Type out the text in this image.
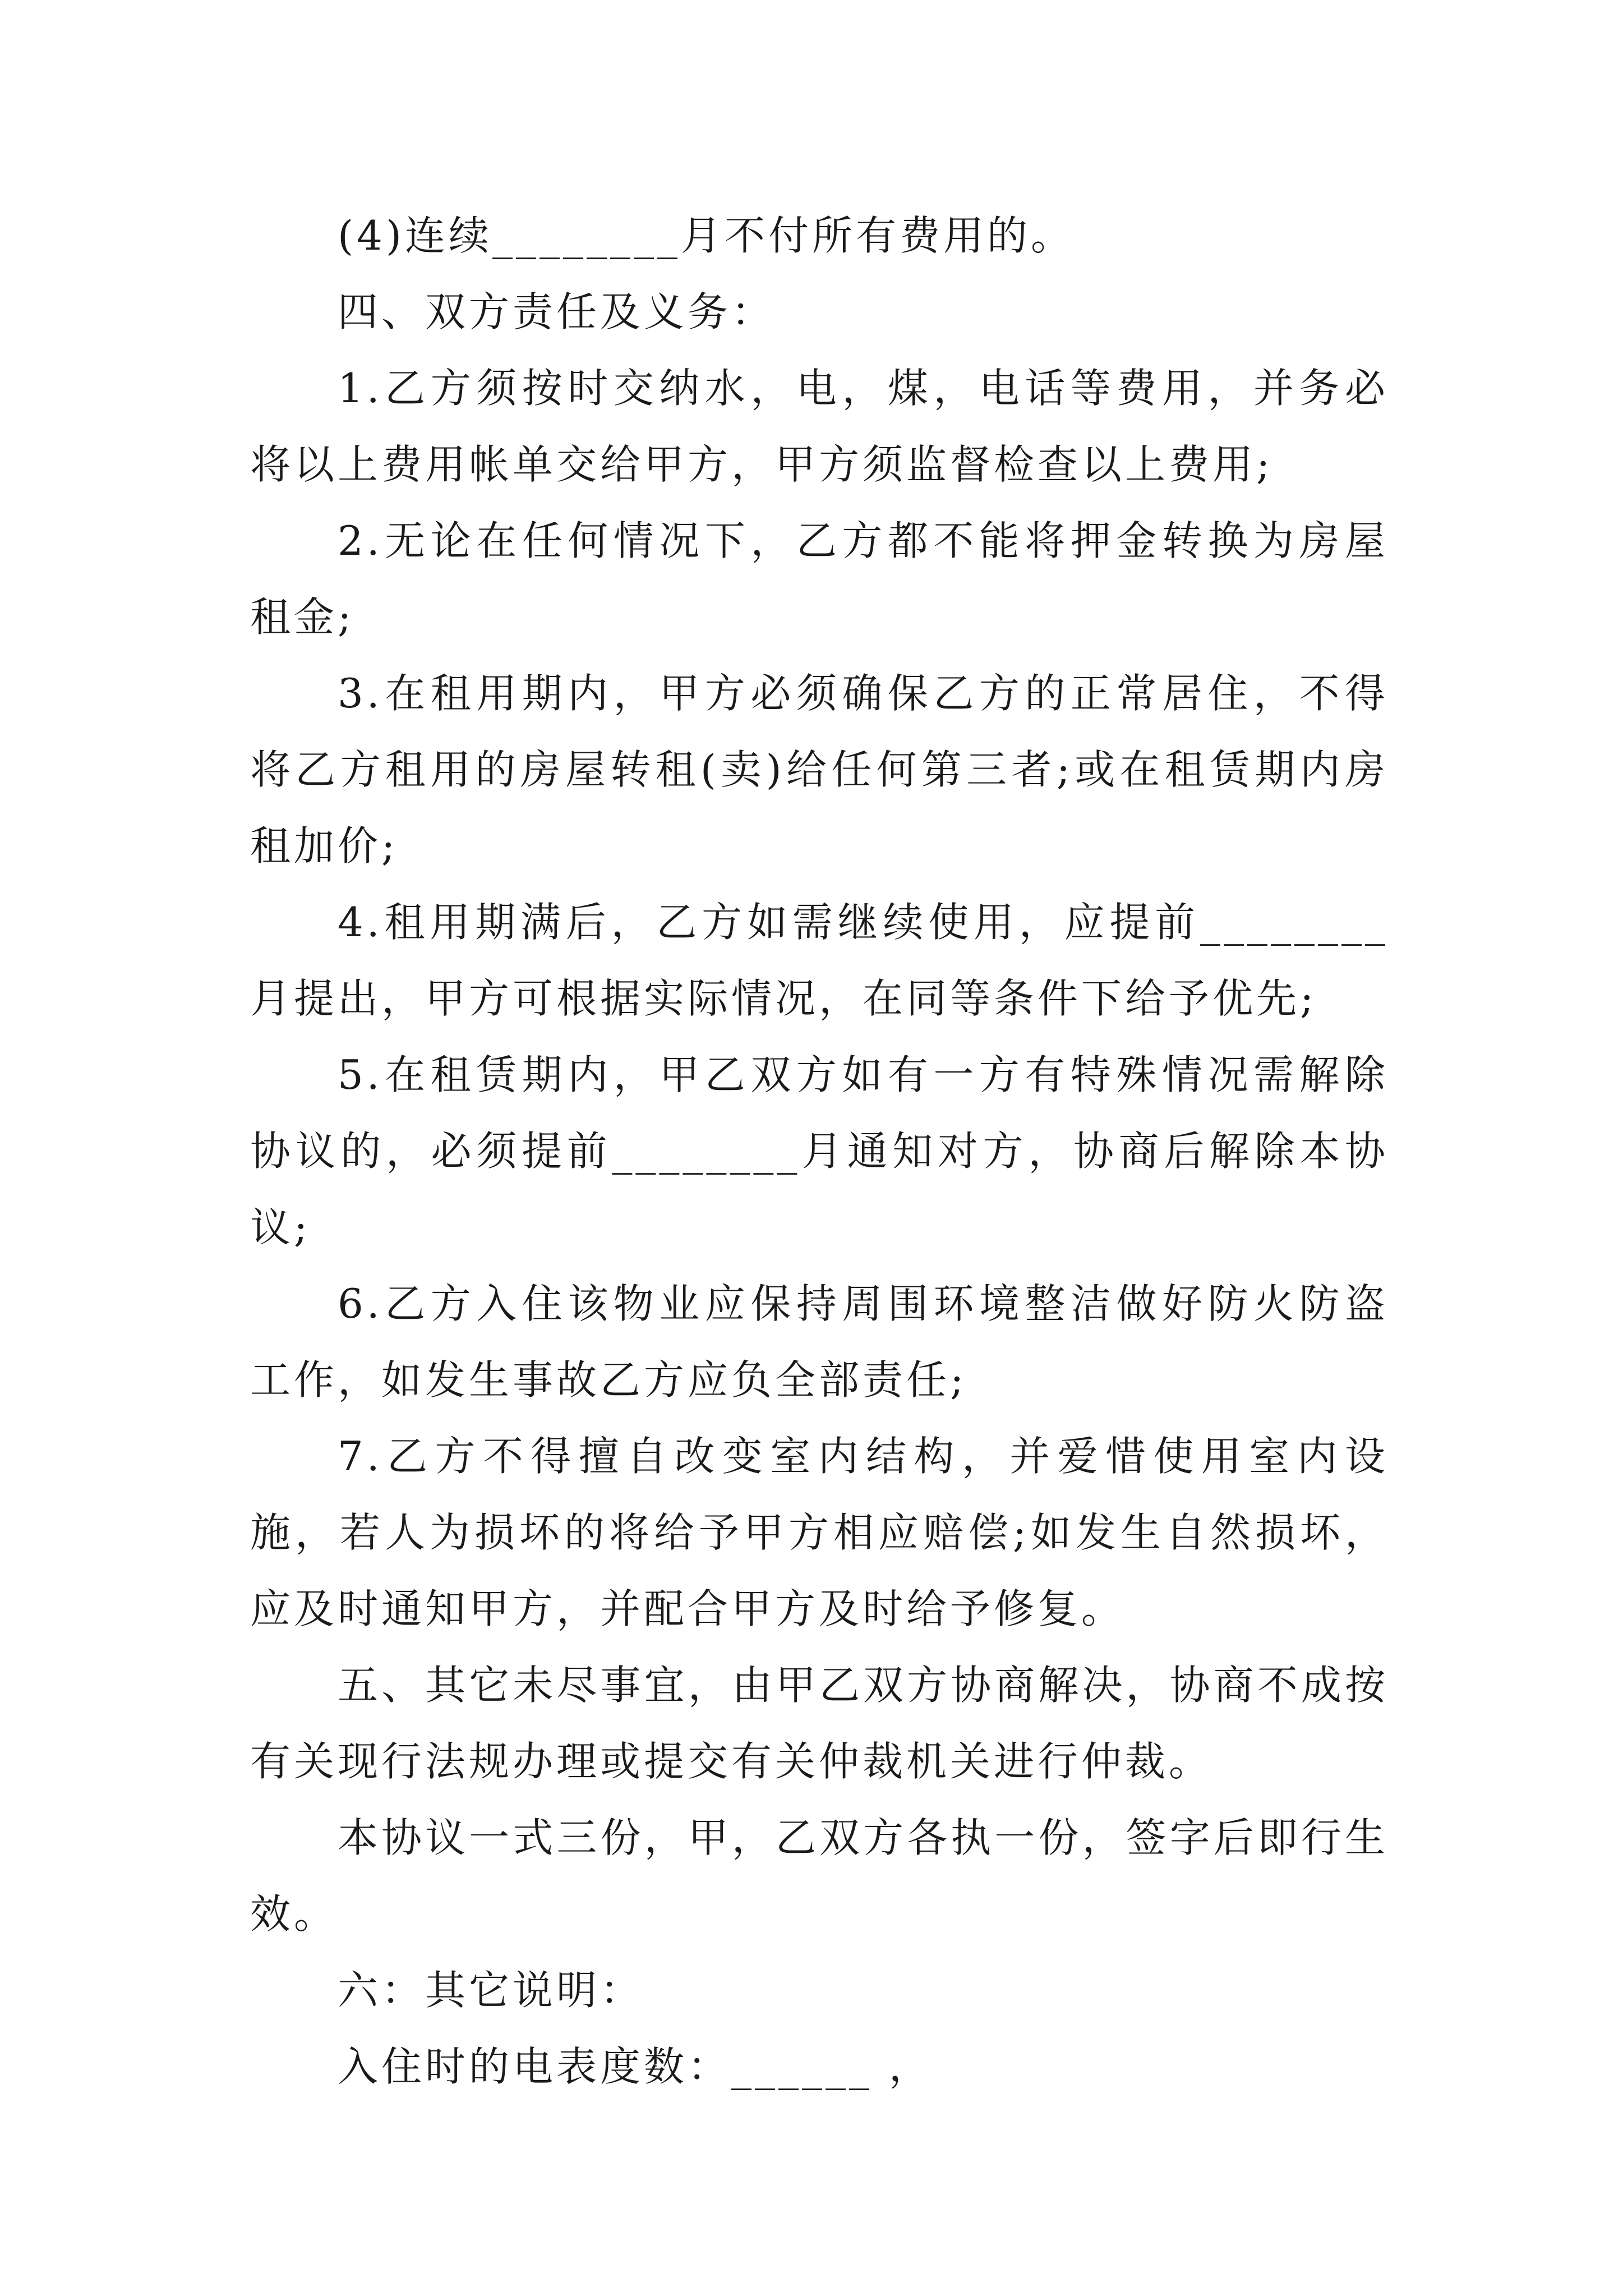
(4)连续________月不付所有费用的。

四、双方责任及义务：

1.乙方须按时交纳水，电，煤，电话等费用，并务必将以上费用帐单交给甲方，甲方须监督检查以上费用;

2.无论在任何情况下，乙方都不能将押金转换为房屋租金;

3.在租用期内，甲方必须确保乙方的正常居住，不得将乙方租用的房屋转租(卖)给任何第三者;或在租赁期内房租加价;

4.租用期满后，乙方如需继续使用，应提前________月提出，甲方可根据实际情况，在同等条件下给予优先;

5.在租赁期内，甲乙双方如有一方有特殊情况需解除协议的，必须提前________月通知对方，协商后解除本协议;

6.乙方入住该物业应保持周围环境整洁做好防火防盗工作，如发生事故乙方应负全部责任;

7.乙方不得擅自改变室内结构，并爱惜使用室内设施，若人为损坏的将给予甲方相应赔偿;如发生自然损坏，应及时通知甲方，并配合甲方及时给予修复。

五、其它未尽事宜，由甲乙双方协商解决，协商不成按有关现行法规办理或提交有关仲裁机关进行仲裁。

本协议一式三份，甲，乙双方各执一份，签字后即行生效。

六：其它说明：

入住时的电表度数：______ ，
